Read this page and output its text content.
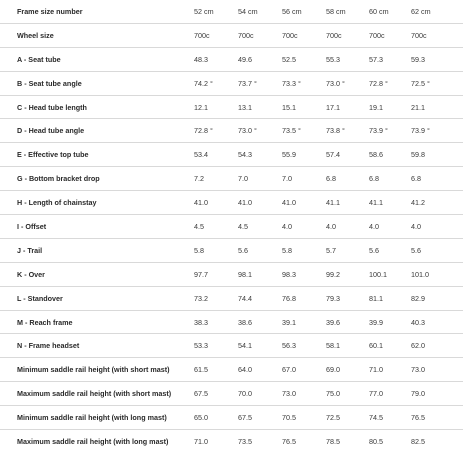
Frame size number	52 cm	54 cm	56 cm	58 cm	60 cm	62 cm
Wheel size	700c	700c	700c	700c	700c	700c
A - Seat tube	48.3	49.6	52.5	55.3	57.3	59.3
B - Seat tube angle	74.2 °	73.7 °	73.3 °	73.0 °	72.8 °	72.5 °
C - Head tube length	12.1	13.1	15.1	17.1	19.1	21.1
D - Head tube angle	72.8 °	73.0 °	73.5 °	73.8 °	73.9 °	73.9 °
E - Effective top tube	53.4	54.3	55.9	57.4	58.6	59.8
G - Bottom bracket drop	7.2	7.0	7.0	6.8	6.8	6.8
H - Length of chainstay	41.0	41.0	41.0	41.1	41.1	41.2
I - Offset	4.5	4.5	4.0	4.0	4.0	4.0
J - Trail	5.8	5.6	5.8	5.7	5.6	5.6
K - Over	97.7	98.1	98.3	99.2	100.1	101.0
L - Standover	73.2	74.4	76.8	79.3	81.1	82.9
M - Reach frame	38.3	38.6	39.1	39.6	39.9	40.3
N - Frame headset	53.3	54.1	56.3	58.1	60.1	62.0
Minimum saddle rail height (with short mast)	61.5	64.0	67.0	69.0	71.0	73.0
Maximum saddle rail height (with short mast)	67.5	70.0	73.0	75.0	77.0	79.0
Minimum saddle rail height (with long mast)	65.0	67.5	70.5	72.5	74.5	76.5
Maximum saddle rail height (with long mast)	71.0	73.5	76.5	78.5	80.5	82.5
